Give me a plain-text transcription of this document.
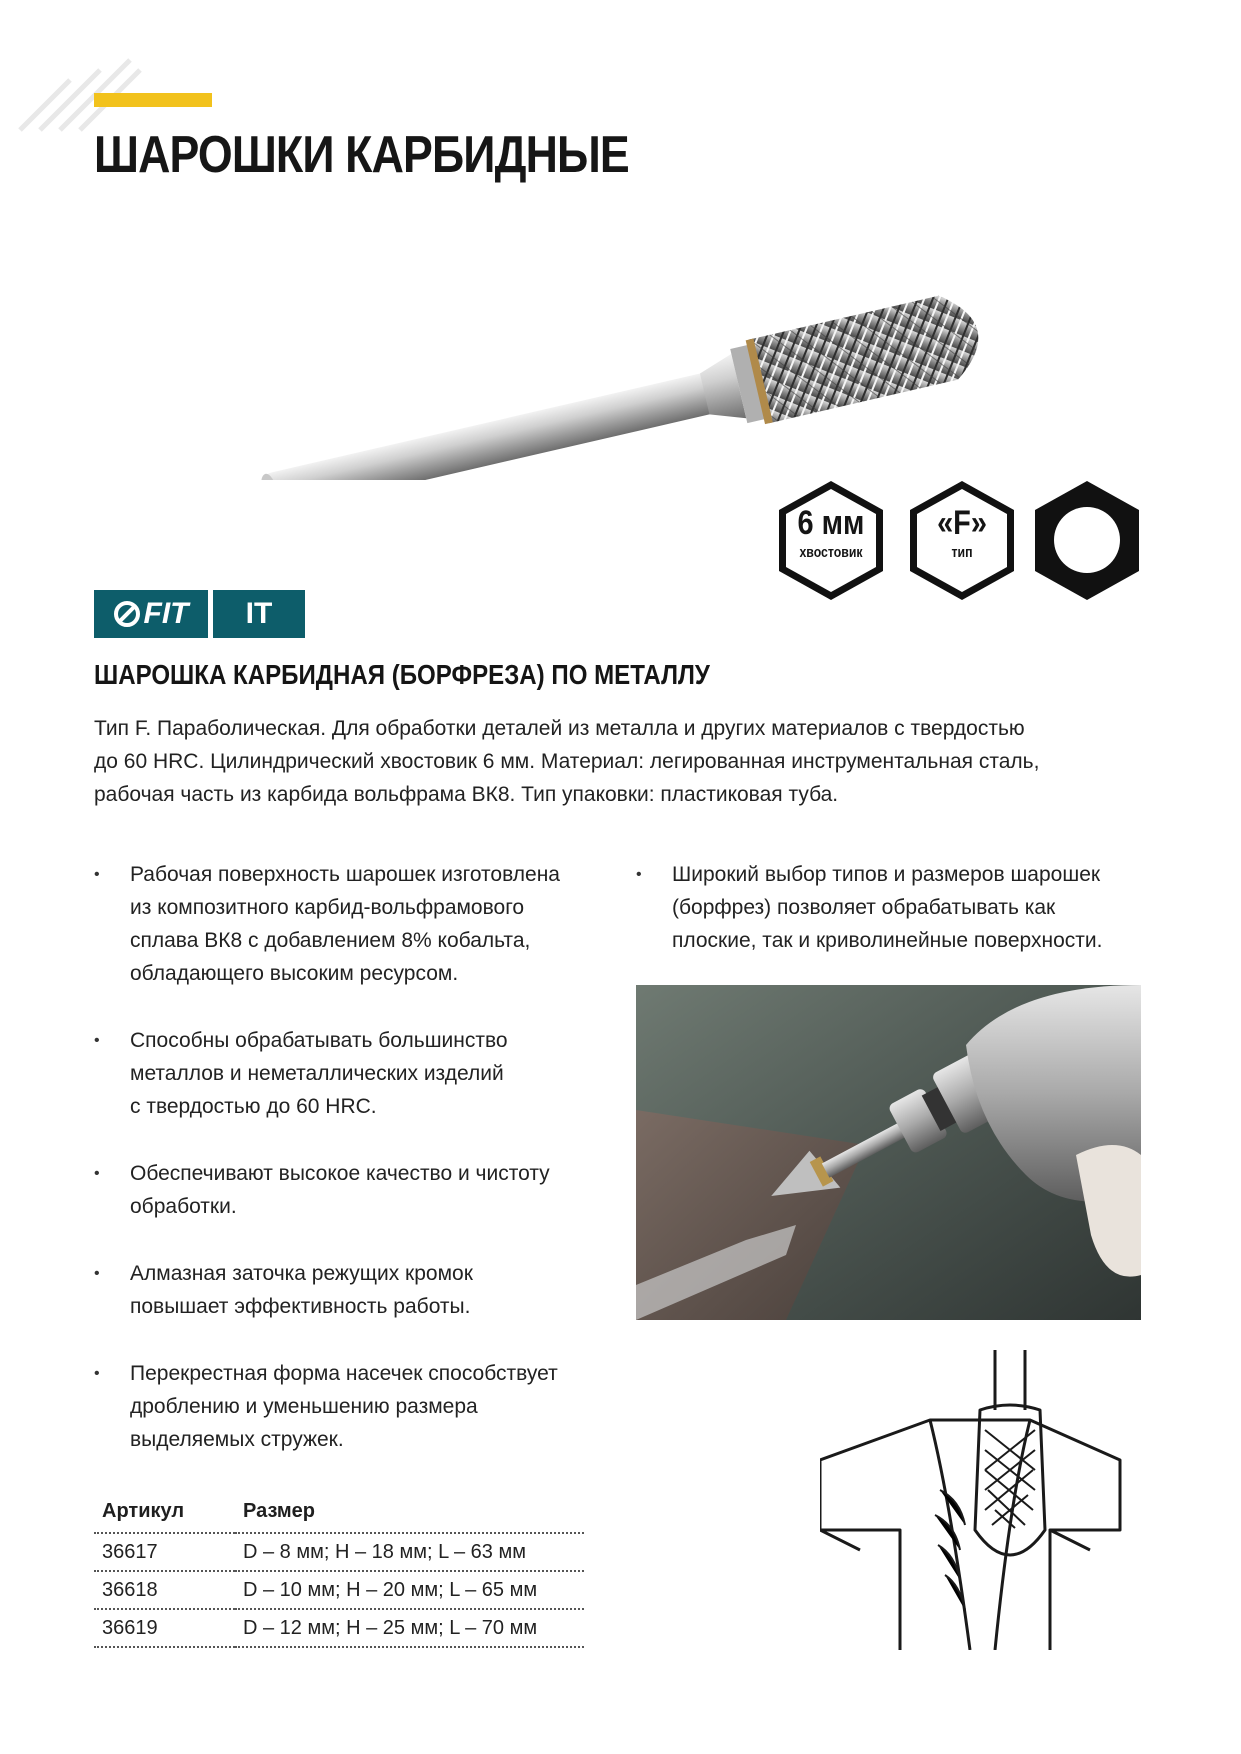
ШАРОШКИ КАРБИДНЫЕ
6 мм
хвостовик
«F»
тип
FIT IT
ШАРОШКА КАРБИДНАЯ (БОРФРЕЗА) ПО МЕТАЛЛУ

Тип F. Параболическая. Для обработки деталей из металла и других материалов с твердостью

до 60 HRC. Цилиндрический хвостовик 6 мм. Материал: легированная инструментальная сталь,

рабочая часть из карбида вольфрама ВК8. Тип упаковки: пластиковая туба.

• Рабочая поверхность шарошек изготовлена
из композитного карбид-вольфрамового
сплава ВК8 с добавлением 8% кобальта,
обладающего высоким ресурсом.
• Способны обрабатывать большинство
металлов и неметаллических изделий
с твердостью до 60 HRC.
• Обеспечивают высокое качество и чистоту
обработки.
• Алмазная заточка режущих кромок
повышает эффективность работы.
• Перекрестная форма насечек способствует
дроблению и уменьшению размера
выделяемых стружек.
• Широкий выбор типов и размеров шарошек
(борфрез) позволяет обрабатывать как
плоские, так и криволинейные поверхности.
Артикул	Размер
36617	D – 8 мм; H – 18 мм; L – 63 мм
36618	D – 10 мм; H – 20 мм; L – 65 мм
36619	D – 12 мм; H – 25 мм; L – 70 мм
